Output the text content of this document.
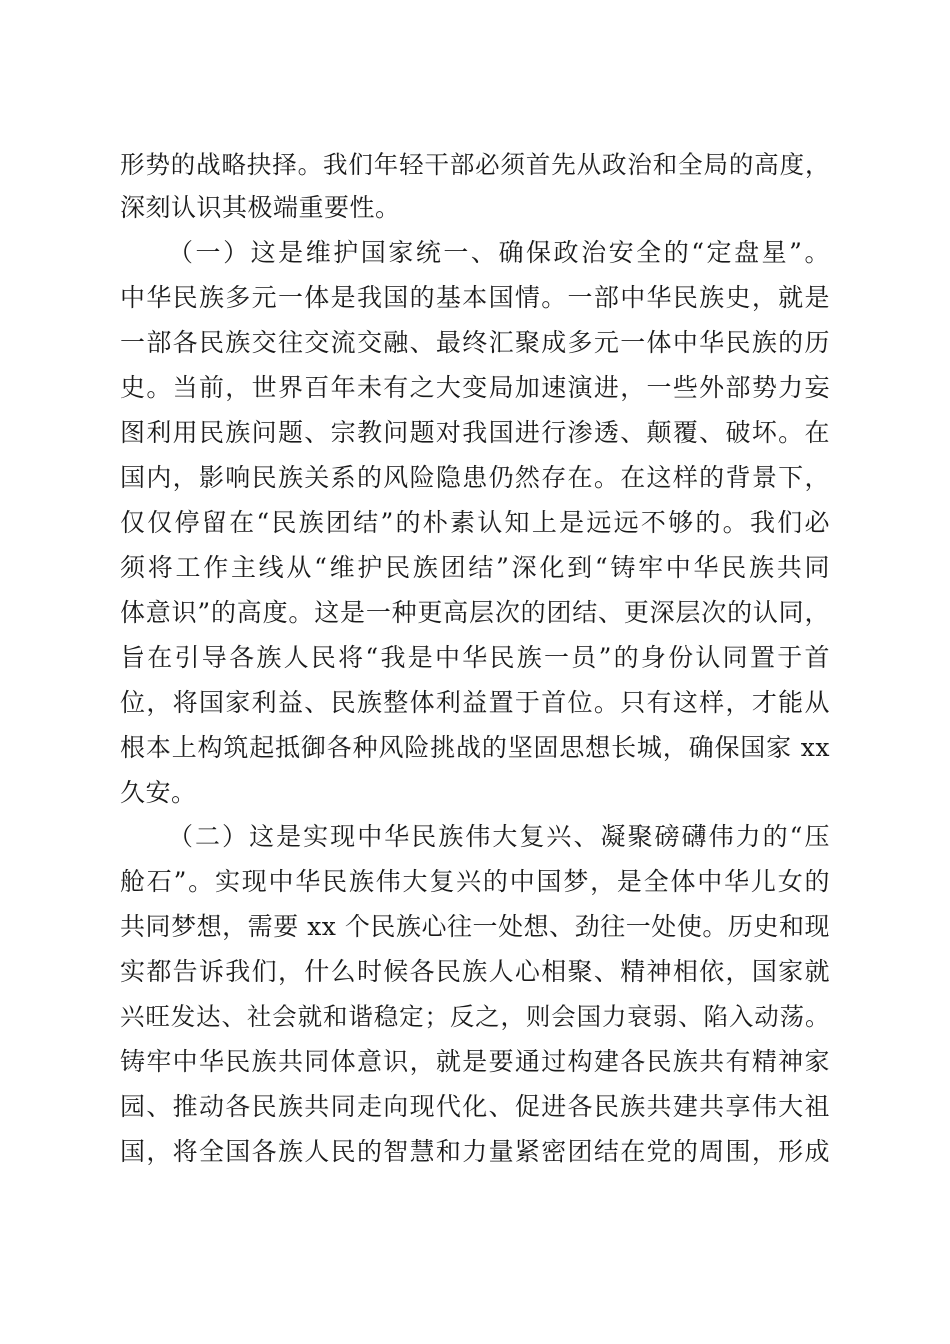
形势的战略抉择。我们年轻干部必须首先从政治和全局的高度，
深刻认识其极端重要性。
（一）这是维护国家统一、确保政治安全的“定盘星”。
中华民族多元一体是我国的基本国情。一部中华民族史，就是
一部各民族交往交流交融、最终汇聚成多元一体中华民族的历
史。当前，世界百年未有之大变局加速演进，一些外部势力妄
图利用民族问题、宗教问题对我国进行渗透、颠覆、破坏。在
国内，影响民族关系的风险隐患仍然存在。在这样的背景下，
仅仅停留在“民族团结”的朴素认知上是远远不够的。我们必
须将工作主线从“维护民族团结”深化到“铸牢中华民族共同
体意识”的高度。这是一种更高层次的团结、更深层次的认同，
旨在引导各族人民将“我是中华民族一员”的身份认同置于首
位，将国家利益、民族整体利益置于首位。只有这样，才能从
根本上构筑起抵御各种风险挑战的坚固思想长城，确保国家 xx
久安。
（二）这是实现中华民族伟大复兴、凝聚磅礴伟力的“压
舱石”。实现中华民族伟大复兴的中国梦，是全体中华儿女的
共同梦想，需要 xx 个民族心往一处想、劲往一处使。历史和现
实都告诉我们，什么时候各民族人心相聚、精神相依，国家就
兴旺发达、社会就和谐稳定；反之，则会国力衰弱、陷入动荡。
铸牢中华民族共同体意识，就是要通过构建各民族共有精神家
园、推动各民族共同走向现代化、促进各民族共建共享伟大祖
国，将全国各族人民的智慧和力量紧密团结在党的周围，形成
